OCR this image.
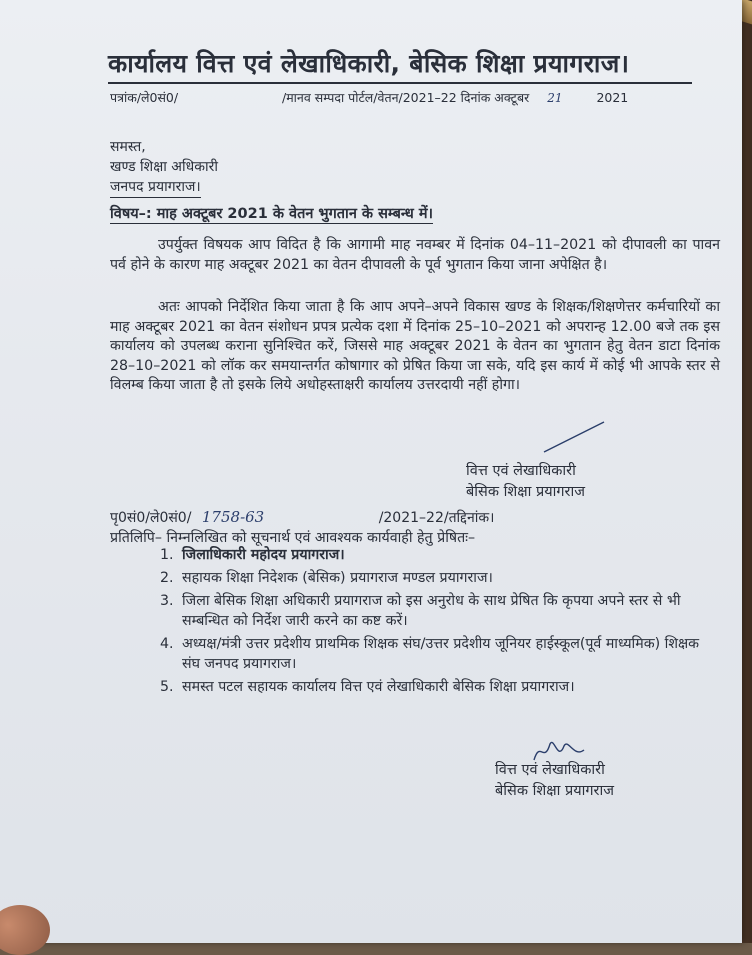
कार्यालय वित्त एवं लेखाधिकारी, बेसिक शिक्षा प्रयागराज।
पत्रांक/ले0सं0/	/मानव सम्पदा पोर्टल/वेतन/2021–22 दिनांक अक्टूबर 21	2021
समस्त,
खण्ड शिक्षा अधिकारी
जनपद प्रयागराज।
विषय–: माह अक्टूबर 2021 के वेतन भुगतान के सम्बन्ध में।
उपर्युक्त विषयक आप विदित है कि आगामी माह नवम्बर में दिनांक 04–11–2021 को दीपावली का पावन पर्व होने के कारण माह अक्टूबर 2021 का वेतन दीपावली के पूर्व भुगतान किया जाना अपेक्षित है।
अतः आपको निर्देशित किया जाता है कि आप अपने–अपने विकास खण्ड के शिक्षक/शिक्षणेत्तर कर्मचारियों का माह अक्टूबर 2021 का वेतन संशोधन प्रपत्र प्रत्येक दशा में दिनांक 25–10–2021 को अपरान्ह 12.00 बजे तक इस कार्यालय को उपलब्ध कराना सुनिश्चित करें, जिससे माह अक्टूबर 2021 के वेतन का भुगतान हेतु वेतन डाटा दिनांक 28–10–2021 को लॉक कर समयान्तर्गत कोषागार को प्रेषित किया जा सके, यदि इस कार्य में कोई भी आपके स्तर से विलम्ब किया जाता है तो इसके लिये अधोहस्ताक्षरी कार्यालय उत्तरदायी नहीं होगा।
वित्त एवं लेखाधिकारी
बेसिक शिक्षा प्रयागराज
पृ0सं0/ले0सं0/ 1758-63	/2021–22/तद्दिनांक।
प्रतिलिपि– निम्नलिखित को सूचनार्थ एवं आवश्यक कार्यवाही हेतु प्रेषितः–
1. जिलाधिकारी महोदय प्रयागराज।
2. सहायक शिक्षा निदेशक (बेसिक) प्रयागराज मण्डल प्रयागराज।
3. जिला बेसिक शिक्षा अधिकारी प्रयागराज को इस अनुरोध के साथ प्रेषित कि कृपया अपने स्तर से भी सम्बन्धित को निर्देश जारी करने का कष्ट करें।
4. अध्यक्ष/मंत्री उत्तर प्रदेशीय प्राथमिक शिक्षक संघ/उत्तर प्रदेशीय जूनियर हाईस्कूल(पूर्व माध्यमिक) शिक्षक संघ जनपद प्रयागराज।
5. समस्त पटल सहायक कार्यालय वित्त एवं लेखाधिकारी बेसिक शिक्षा प्रयागराज।
वित्त एवं लेखाधिकारी
बेसिक शिक्षा प्रयागराज
